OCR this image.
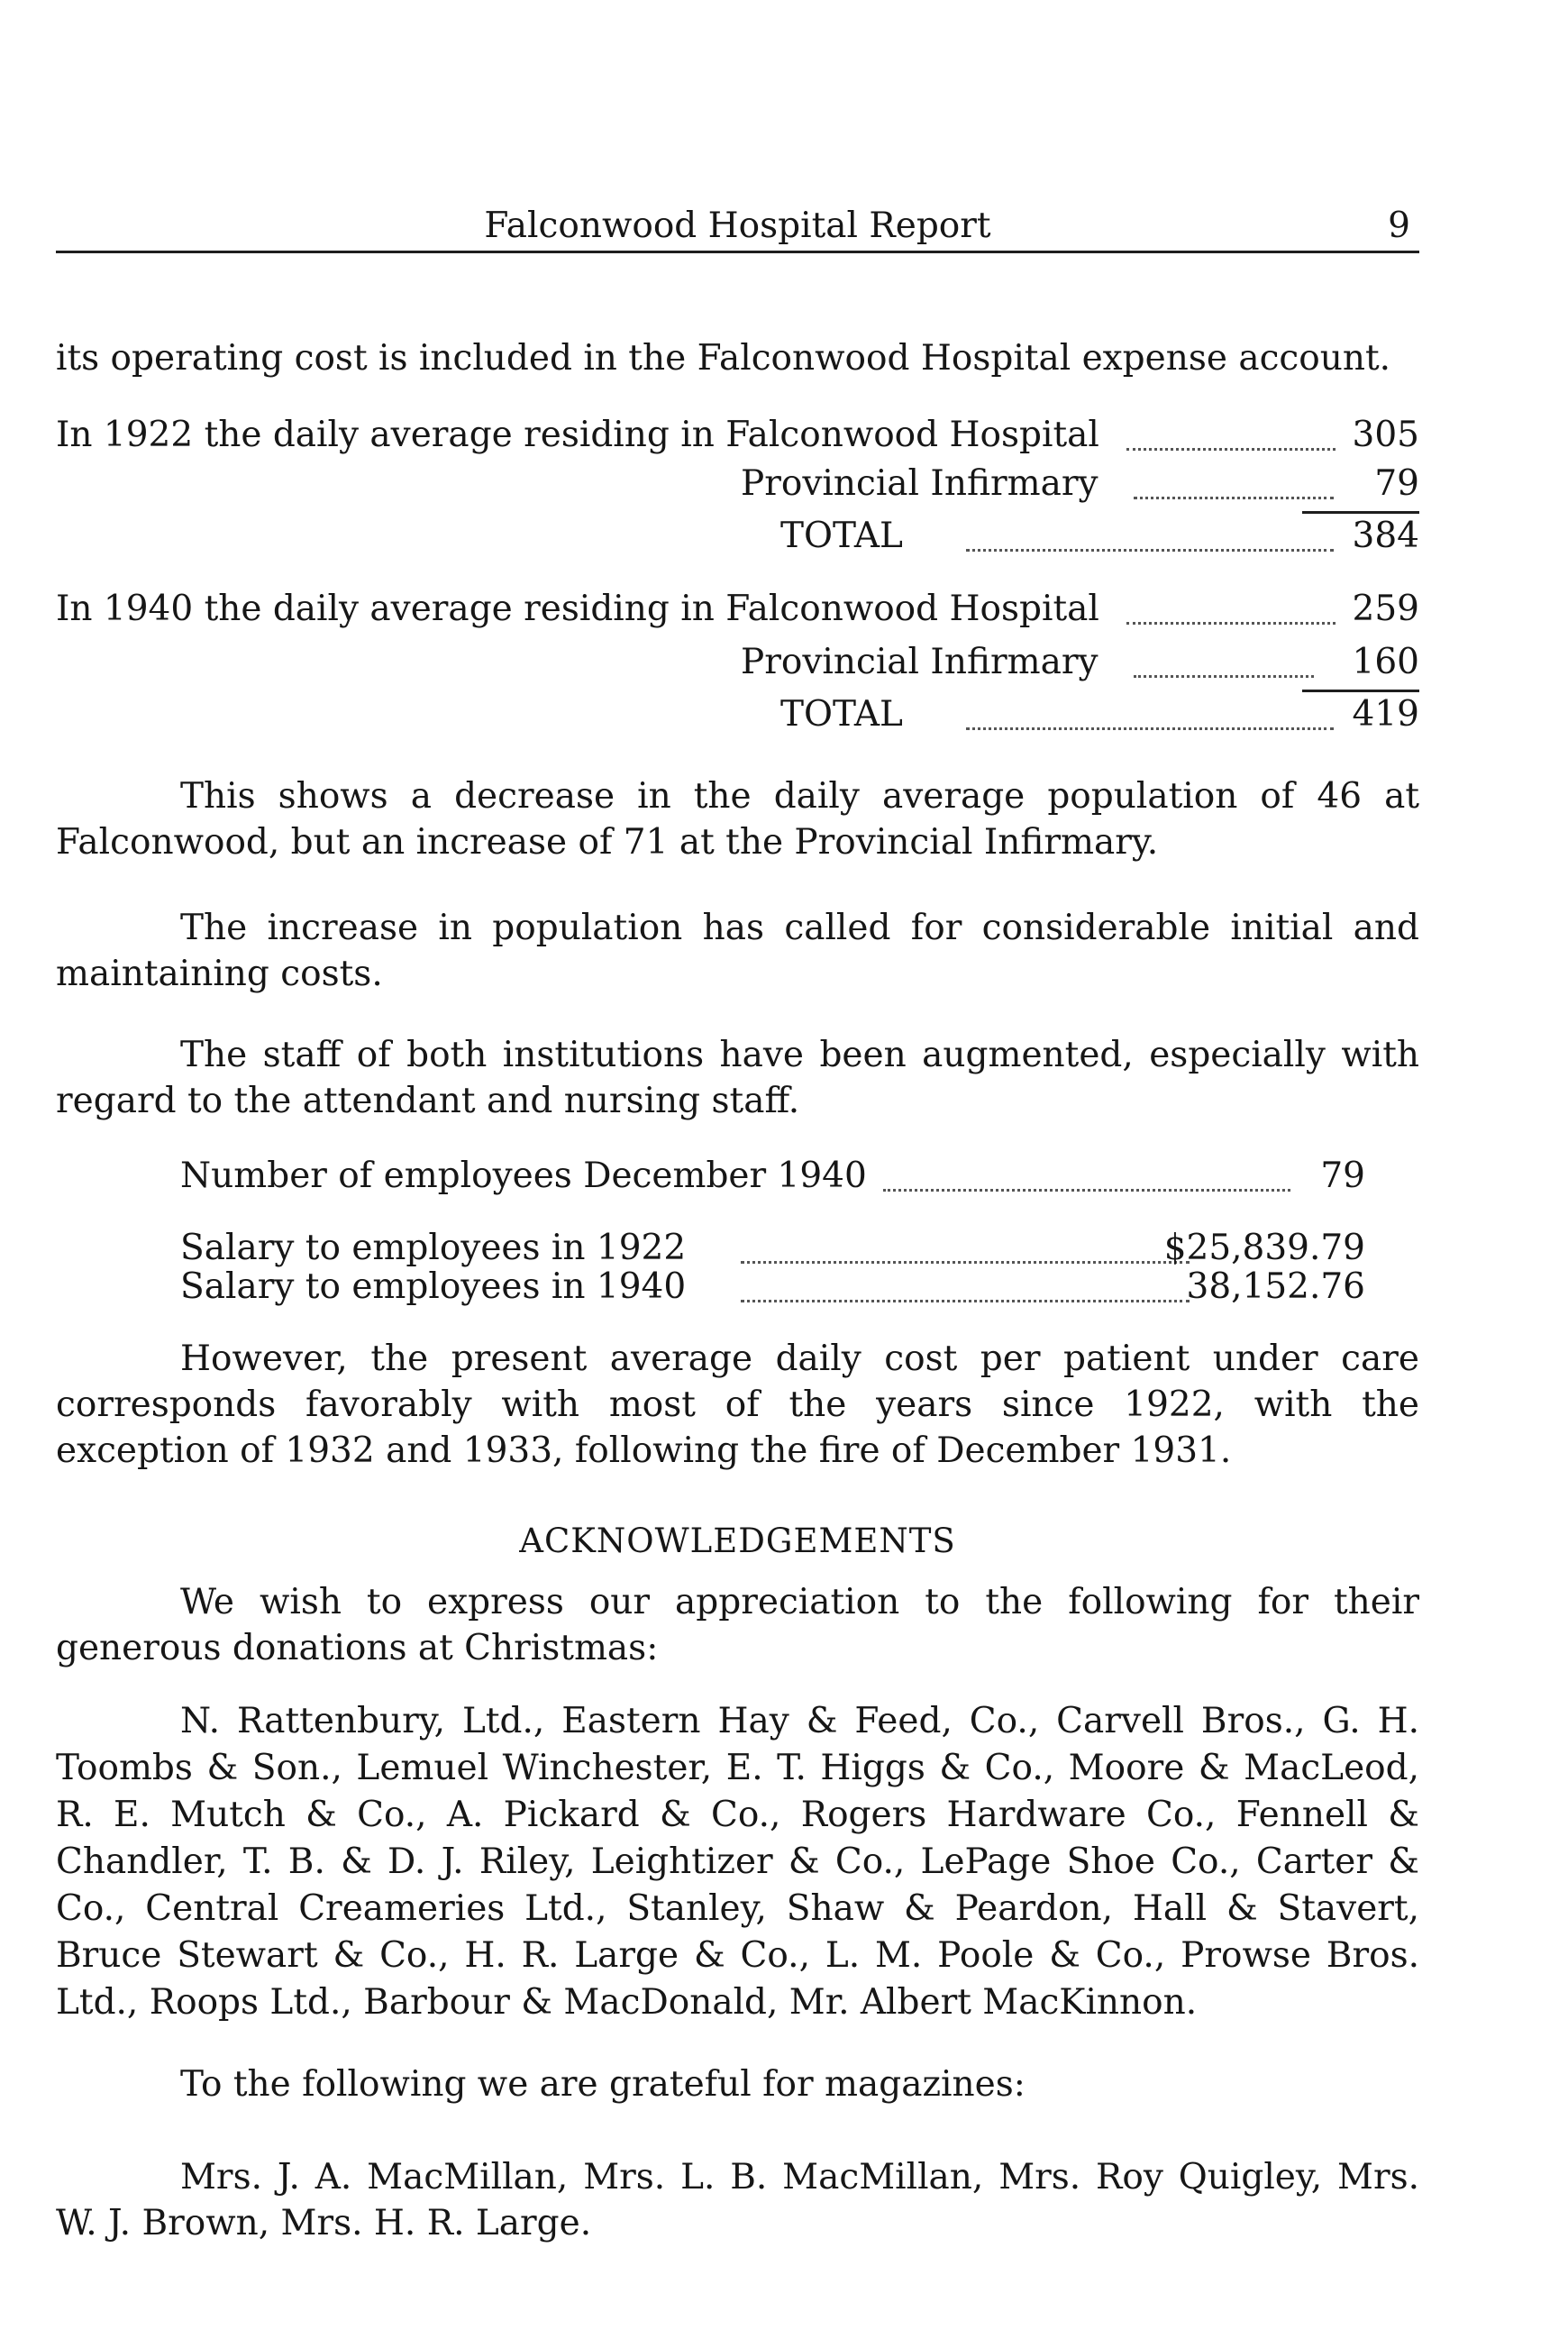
Falconwood Hospital Report	9

its operating cost is included in the Falconwood Hospital expense account.

In 1922 the daily average residing in Falconwood Hospital	305
Provincial Infirmary	79
TOTAL	384
In 1940 the daily average residing in Falconwood Hospital	259
Provincial Infirmary	160
TOTAL	419

This shows a decrease in the daily average population of 46 at Falconwood, but an increase of 71 at the Provincial Infirmary.

The increase in population has called for considerable initial and maintaining costs.

The staff of both institutions have been augmented, especially with regard to the attendant and nursing staff.

Number of employees December 1940	79
Salary to employees in 1922	$25,839.79
Salary to employees in 1940	38,152.76

However, the present average daily cost per patient under care corresponds favorably with most of the years since 1922, with the exception of 1932 and 1933, following the fire of December 1931.

ACKNOWLEDGEMENTS

We wish to express our appreciation to the following for their generous donations at Christmas:

N. Rattenbury, Ltd., Eastern Hay & Feed, Co., Carvell Bros., G. H. Toombs & Son., Lemuel Winchester, E. T. Higgs & Co., Moore & MacLeod, R. E. Mutch & Co., A. Pickard & Co., Rogers Hardware Co., Fennell & Chandler, T. B. & D. J. Riley, Leightizer & Co., LePage Shoe Co., Carter & Co., Central Creameries Ltd., Stanley, Shaw & Peardon, Hall & Stavert, Bruce Stewart & Co., H. R. Large & Co., L. M. Poole & Co., Prowse Bros. Ltd., Roops Ltd., Barbour & MacDonald, Mr. Albert MacKinnon.

To the following we are grateful for magazines:

Mrs. J. A. MacMillan, Mrs. L. B. MacMillan, Mrs. Roy Quigley, Mrs. W. J. Brown, Mrs. H. R. Large.
